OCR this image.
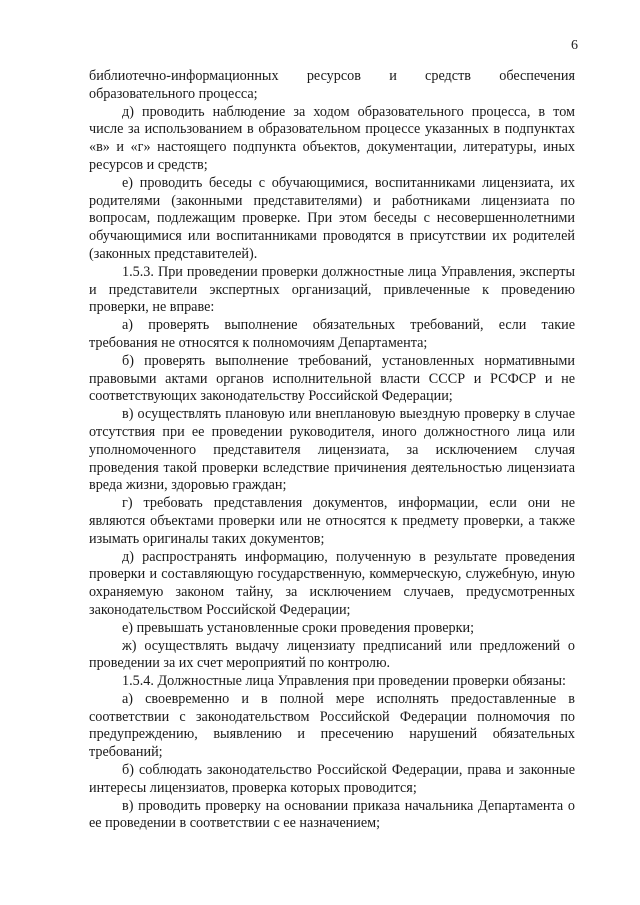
6

библиотечно-информационных ресурсов и средств обеспечения образовательного процесса;

д) проводить наблюдение за ходом образовательного процесса, в том числе за использованием в образовательном процессе указанных в подпунктах «в» и «г» настоящего подпункта объектов, документации, литературы, иных ресурсов и средств;

е) проводить беседы с обучающимися, воспитанниками лицензиата, их родителями (законными представителями) и работниками лицензиата по вопросам, подлежащим проверке. При этом беседы с несовершеннолетними обучающимися или воспитанниками проводятся в присутствии их родителей (законных представителей).

1.5.3. При проведении проверки должностные лица Управления, эксперты и представители экспертных организаций, привлеченные к проведению проверки, не вправе:

а) проверять выполнение обязательных требований, если такие требования не относятся к полномочиям Департамента;

б) проверять выполнение требований, установленных нормативными правовыми актами органов исполнительной власти СССР и РСФСР и не соответствующих законодательству Российской Федерации;

в) осуществлять плановую или внеплановую выездную проверку в случае отсутствия при ее проведении руководителя, иного должностного лица или уполномоченного представителя лицензиата, за исключением случая проведения такой проверки вследствие причинения деятельностью лицензиата вреда жизни, здоровью граждан;

г) требовать представления документов, информации, если они не являются объектами проверки или не относятся к предмету проверки, а также изымать оригиналы таких документов;

д) распространять информацию, полученную в результате проведения проверки и составляющую государственную, коммерческую, служебную, иную охраняемую законом тайну, за исключением случаев, предусмотренных законодательством Российской Федерации;

е) превышать установленные сроки проведения проверки;

ж) осуществлять выдачу лицензиату предписаний или предложений о проведении за их счет мероприятий по контролю.

1.5.4. Должностные лица Управления при проведении проверки обязаны:

а) своевременно и в полной мере исполнять предоставленные в соответствии с законодательством Российской Федерации полномочия по предупреждению, выявлению и пресечению нарушений обязательных требований;

б) соблюдать законодательство Российской Федерации, права и законные интересы лицензиатов, проверка которых проводится;

в) проводить проверку на основании приказа начальника Департамента о ее проведении в соответствии с ее назначением;
